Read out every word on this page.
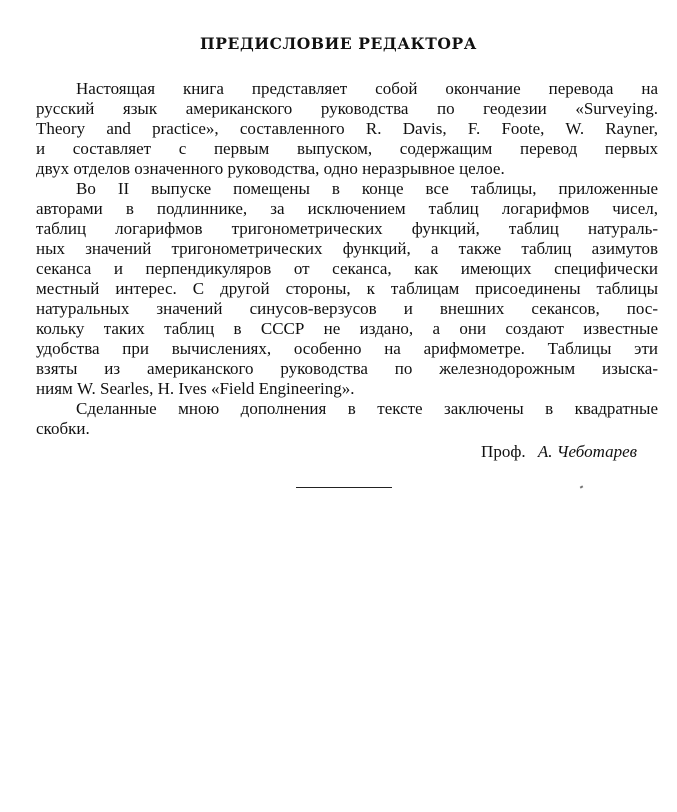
ПРЕДИСЛОВИЕ РЕДАКТОРА

Настоящая книга представляет собой окончание перевода на
русский язык американского руководства по геодезии «Surveying.
Theory and practice», составленного R. Davis, F. Foote, W. Rayner,
и составляет с первым выпуском, содержащим перевод первых
двух отделов означенного руководства, одно неразрывное целое.

Во II выпуске помещены в конце все таблицы, приложенные
авторами в подлиннике, за исключением таблиц логарифмов чисел,
таблиц логарифмов тригонометрических функций, таблиц натураль-
ных значений тригонометрических функций, а также таблиц азимутов
секанса и перпендикуляров от секанса, как имеющих специфически
местный интерес. С другой стороны, к таблицам присоединены таблицы
натуральных значений синусов-верзусов и внешних секансов, пос-
кольку таких таблиц в СССР не издано, а они создают известные
удобства при вычислениях, особенно на арифмометре. Таблицы эти
взяты из американского руководства по железнодорожным изыска-
ниям W. Searles, H. Ives «Field Engineering».

Сделанные мною дополнения в тексте заключены в квадратные
скобки.

Проф. А. Чеботарев
